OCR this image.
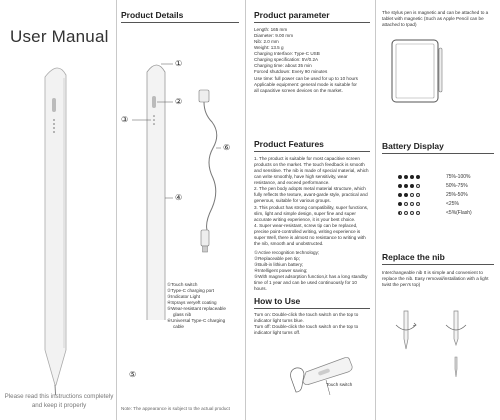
User Manual
Please read this instructions completely and keep it properly
Product Details
①
②
③
④
⑥
⑤
①Touch switch
②Type-C charging port
③Indicator Light
④Sprays veryeft coating
⑤Wear-resistant replaceable
glass nib
⑥Universal Type-C charging
cable
Note: The appearance is subject to the actual product
Product parameter
Length: 165 mm
Diameter: 9.00 mm
Nib: 2.0 mm
Weight: 13.5 g
Charging Interface: Type-C USB
Charging specification: 5V/0.2A
Charging time: about 35 min
Forced shutdown: Every 90 minutes
Use time: full power can be used for up to 10 hours
Applicable equipment: general mode is suitable for
all capacitive screen devices on the market.
Product Features

1. The product is suitable for most capacitive screen products on the market. The touch feedback is smooth and sensitive. The nib is made of special material, which can write smoothly, have high sensitivity, wear resistance, and exceed performance.

2. The pen body adopts metal material structure, which fully reflects the texture, avant-garde style, practical and generous, suitable for various groups.

3. This product has strong compatibility, super functions, slim, light and simple design, super fine and super accurate writing experience, it is your best choice.

4. Super wear-resistant, screw tip can be replaced, precise point-controlled writing, writing experience is super Well, there is almost no resistance to writing with the nib, smooth and unobstructed.

①Active recognition technology;

②Replaceable pen tip;

③Built-in lithium battery;

④Intelligent power saving;

⑤With magnet adsorption function,it has a long standby time of 1 year and can be used continuously for 10 hours.

How to Use

Turn on: Double-click the touch switch on the top to indicator light turns blue.

Turn off: Double-click the touch switch on the top to indicator light turns off.

Touch switch
The stylus pen is magnetic and can be attached to a tablet with magnetic (Such as Apple Pencil can be attached to Ipad)
Battery Display
75%-100%
50%-75%
25%-50%
<25%
<5%(Flash)
Replace the nib
Interchangeable nib It is simple and convenient to replace the nib. Easy removal/installation with a light twist the pen's top)
